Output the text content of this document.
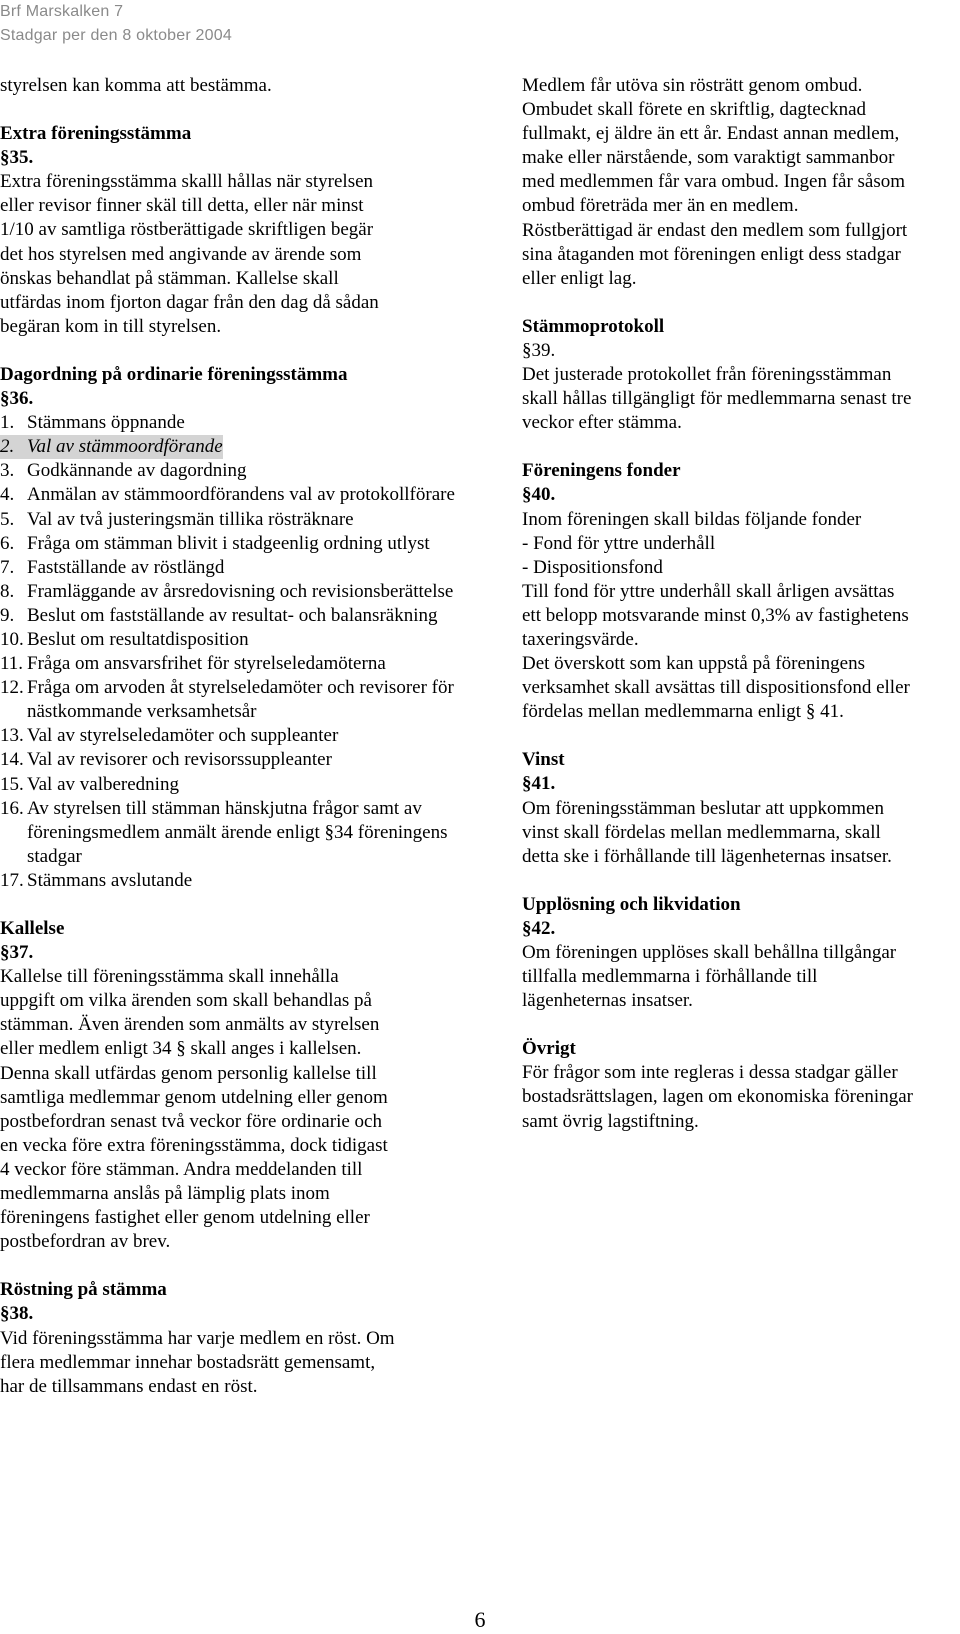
Brf Marskalken 7
Stadgar per den 8 oktober 2004

styrelsen kan komma att bestämma.

Extra föreningsstämma

§35.

Extra föreningsstämma skalll hållas när styrelsen

eller revisor finner skäl till detta, eller när minst

1/10 av samtliga röstberättigade skriftligen begär

det hos styrelsen med angivande av ärende som

önskas behandlat på stämman. Kallelse skall

utfärdas inom fjorton dagar från den dag då sådan

begäran kom in till styrelsen.

Dagordning på ordinarie föreningsstämma

§36.

1. Stämmans öppnande
2. Val av stämmoordförande
3. Godkännande av dagordning
4. Anmälan av stämmoordförandens val av protokollförare
5. Val av två justeringsmän tillika rösträknare
6. Fråga om stämman blivit i stadgeenlig ordning utlyst
7. Fastställande av röstlängd
8. Framläggande av årsredovisning och revisionsberättelse
9. Beslut om fastställande av resultat- och balansräkning
10. Beslut om resultatdisposition
11. Fråga om ansvarsfrihet för styrelseledamöterna
12. Fråga om arvoden åt styrelseledamöter och revisorer för nästkommande verksamhetsår
13. Val av styrelseledamöter och suppleanter
14. Val av revisorer och revisorssuppleanter
15. Val av valberedning
16. Av styrelsen till stämman hänskjutna frågor samt av föreningsmedlem anmält ärende enligt §34 föreningens stadgar
17. Stämmans avslutande

Kallelse

§37.

Kallelse till föreningsstämma skall innehålla

uppgift om vilka ärenden som skall behandlas på

stämman. Även ärenden som anmälts av styrelsen

eller medlem enligt 34 § skall anges i kallelsen.

Denna skall utfärdas genom personlig kallelse till

samtliga medlemmar genom utdelning eller genom

postbefordran senast två veckor före ordinarie och

en vecka före extra föreningsstämma, dock tidigast

4 veckor före stämman. Andra meddelanden till

medlemmarna anslås på lämplig plats inom

föreningens fastighet eller genom utdelning eller

postbefordran av brev.

Röstning på stämma

§38.

Vid föreningsstämma har varje medlem en röst. Om

flera medlemmar innehar bostadsrätt gemensamt,

har de tillsammans endast en röst.

Medlem får utöva sin rösträtt genom ombud.

Ombudet skall förete en skriftlig, dagtecknad

fullmakt, ej äldre än ett år. Endast annan medlem,

make eller närstående, som varaktigt sammanbor

med medlemmen får vara ombud. Ingen får såsom

ombud företräda mer än en medlem.

Röstberättigad är endast den medlem som fullgjort

sina åtaganden mot föreningen enligt dess stadgar

eller enligt lag.

Stämmoprotokoll

§39.

Det justerade protokollet från föreningsstämman

skall hållas tillgängligt för medlemmarna senast tre

veckor efter stämma.

Föreningens fonder

§40.

Inom föreningen skall bildas följande fonder

- Fond för yttre underhåll

- Dispositionsfond

Till fond för yttre underhåll skall årligen avsättas

ett belopp motsvarande minst 0,3% av fastighetens

taxeringsvärde.

Det överskott som kan uppstå på föreningens

verksamhet skall avsättas till dispositionsfond eller

fördelas mellan medlemmarna enligt § 41.

Vinst

§41.

Om föreningsstämman beslutar att uppkommen

vinst skall fördelas mellan medlemmarna, skall

detta ske i förhållande till lägenheternas insatser.

Upplösning och likvidation

§42.

Om föreningen upplöses skall behållna tillgångar

tillfalla medlemmarna i förhållande till

lägenheternas insatser.

Övrigt

För frågor som inte regleras i dessa stadgar gäller

bostadsrättslagen, lagen om ekonomiska föreningar

samt övrig lagstiftning.

6
